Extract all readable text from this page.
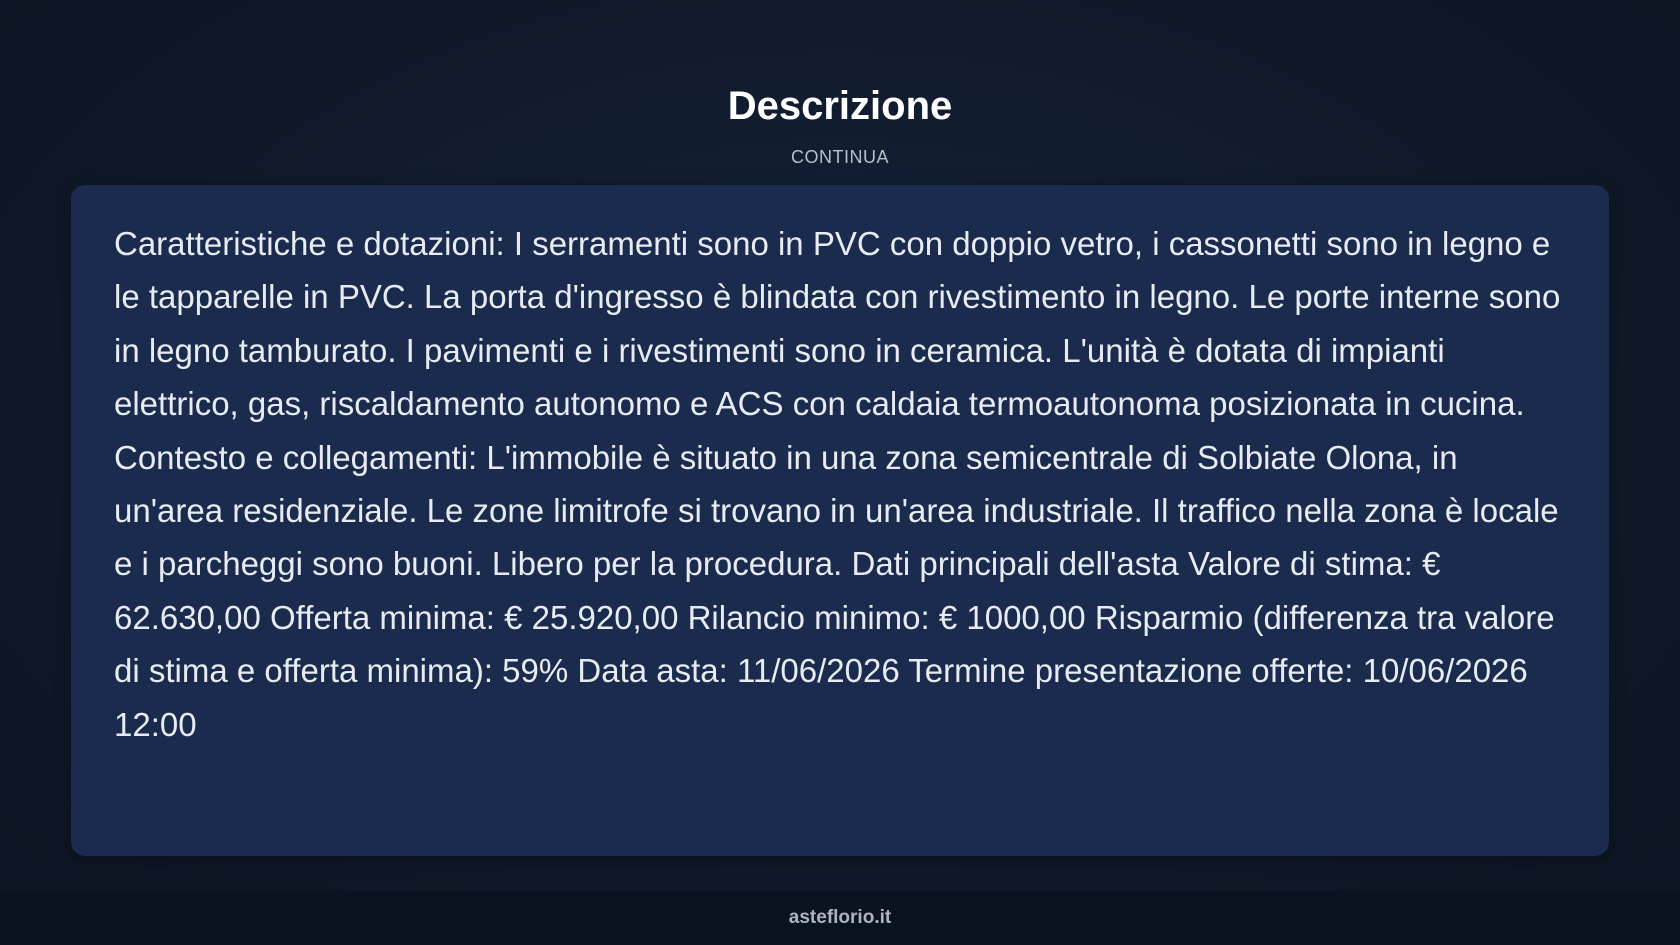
Descrizione
CONTINUA

Caratteristiche e dotazioni: I serramenti sono in PVC con doppio vetro, i cassonetti sono in legno e le tapparelle in PVC. La porta d'ingresso è blindata con rivestimento in legno. Le porte interne sono in legno tamburato. I pavimenti e i rivestimenti sono in ceramica. L'unità è dotata di impianti elettrico, gas, riscaldamento autonomo e ACS con caldaia termoautonoma posizionata in cucina. Contesto e collegamenti: L'immobile è situato in una zona semicentrale di Solbiate Olona, in un'area residenziale. Le zone limitrofe si trovano in un'area industriale. Il traffico nella zona è locale e i parcheggi sono buoni. Libero per la procedura. Dati principali dell'asta Valore di stima: € 62.630,00 Offerta minima: € 25.920,00 Rilancio minimo: € 1000,00 Risparmio (differenza tra valore di stima e offerta minima): 59% Data asta: 11/06/2026 Termine presentazione offerte: 10/06/2026 12:00

asteflorio.it
